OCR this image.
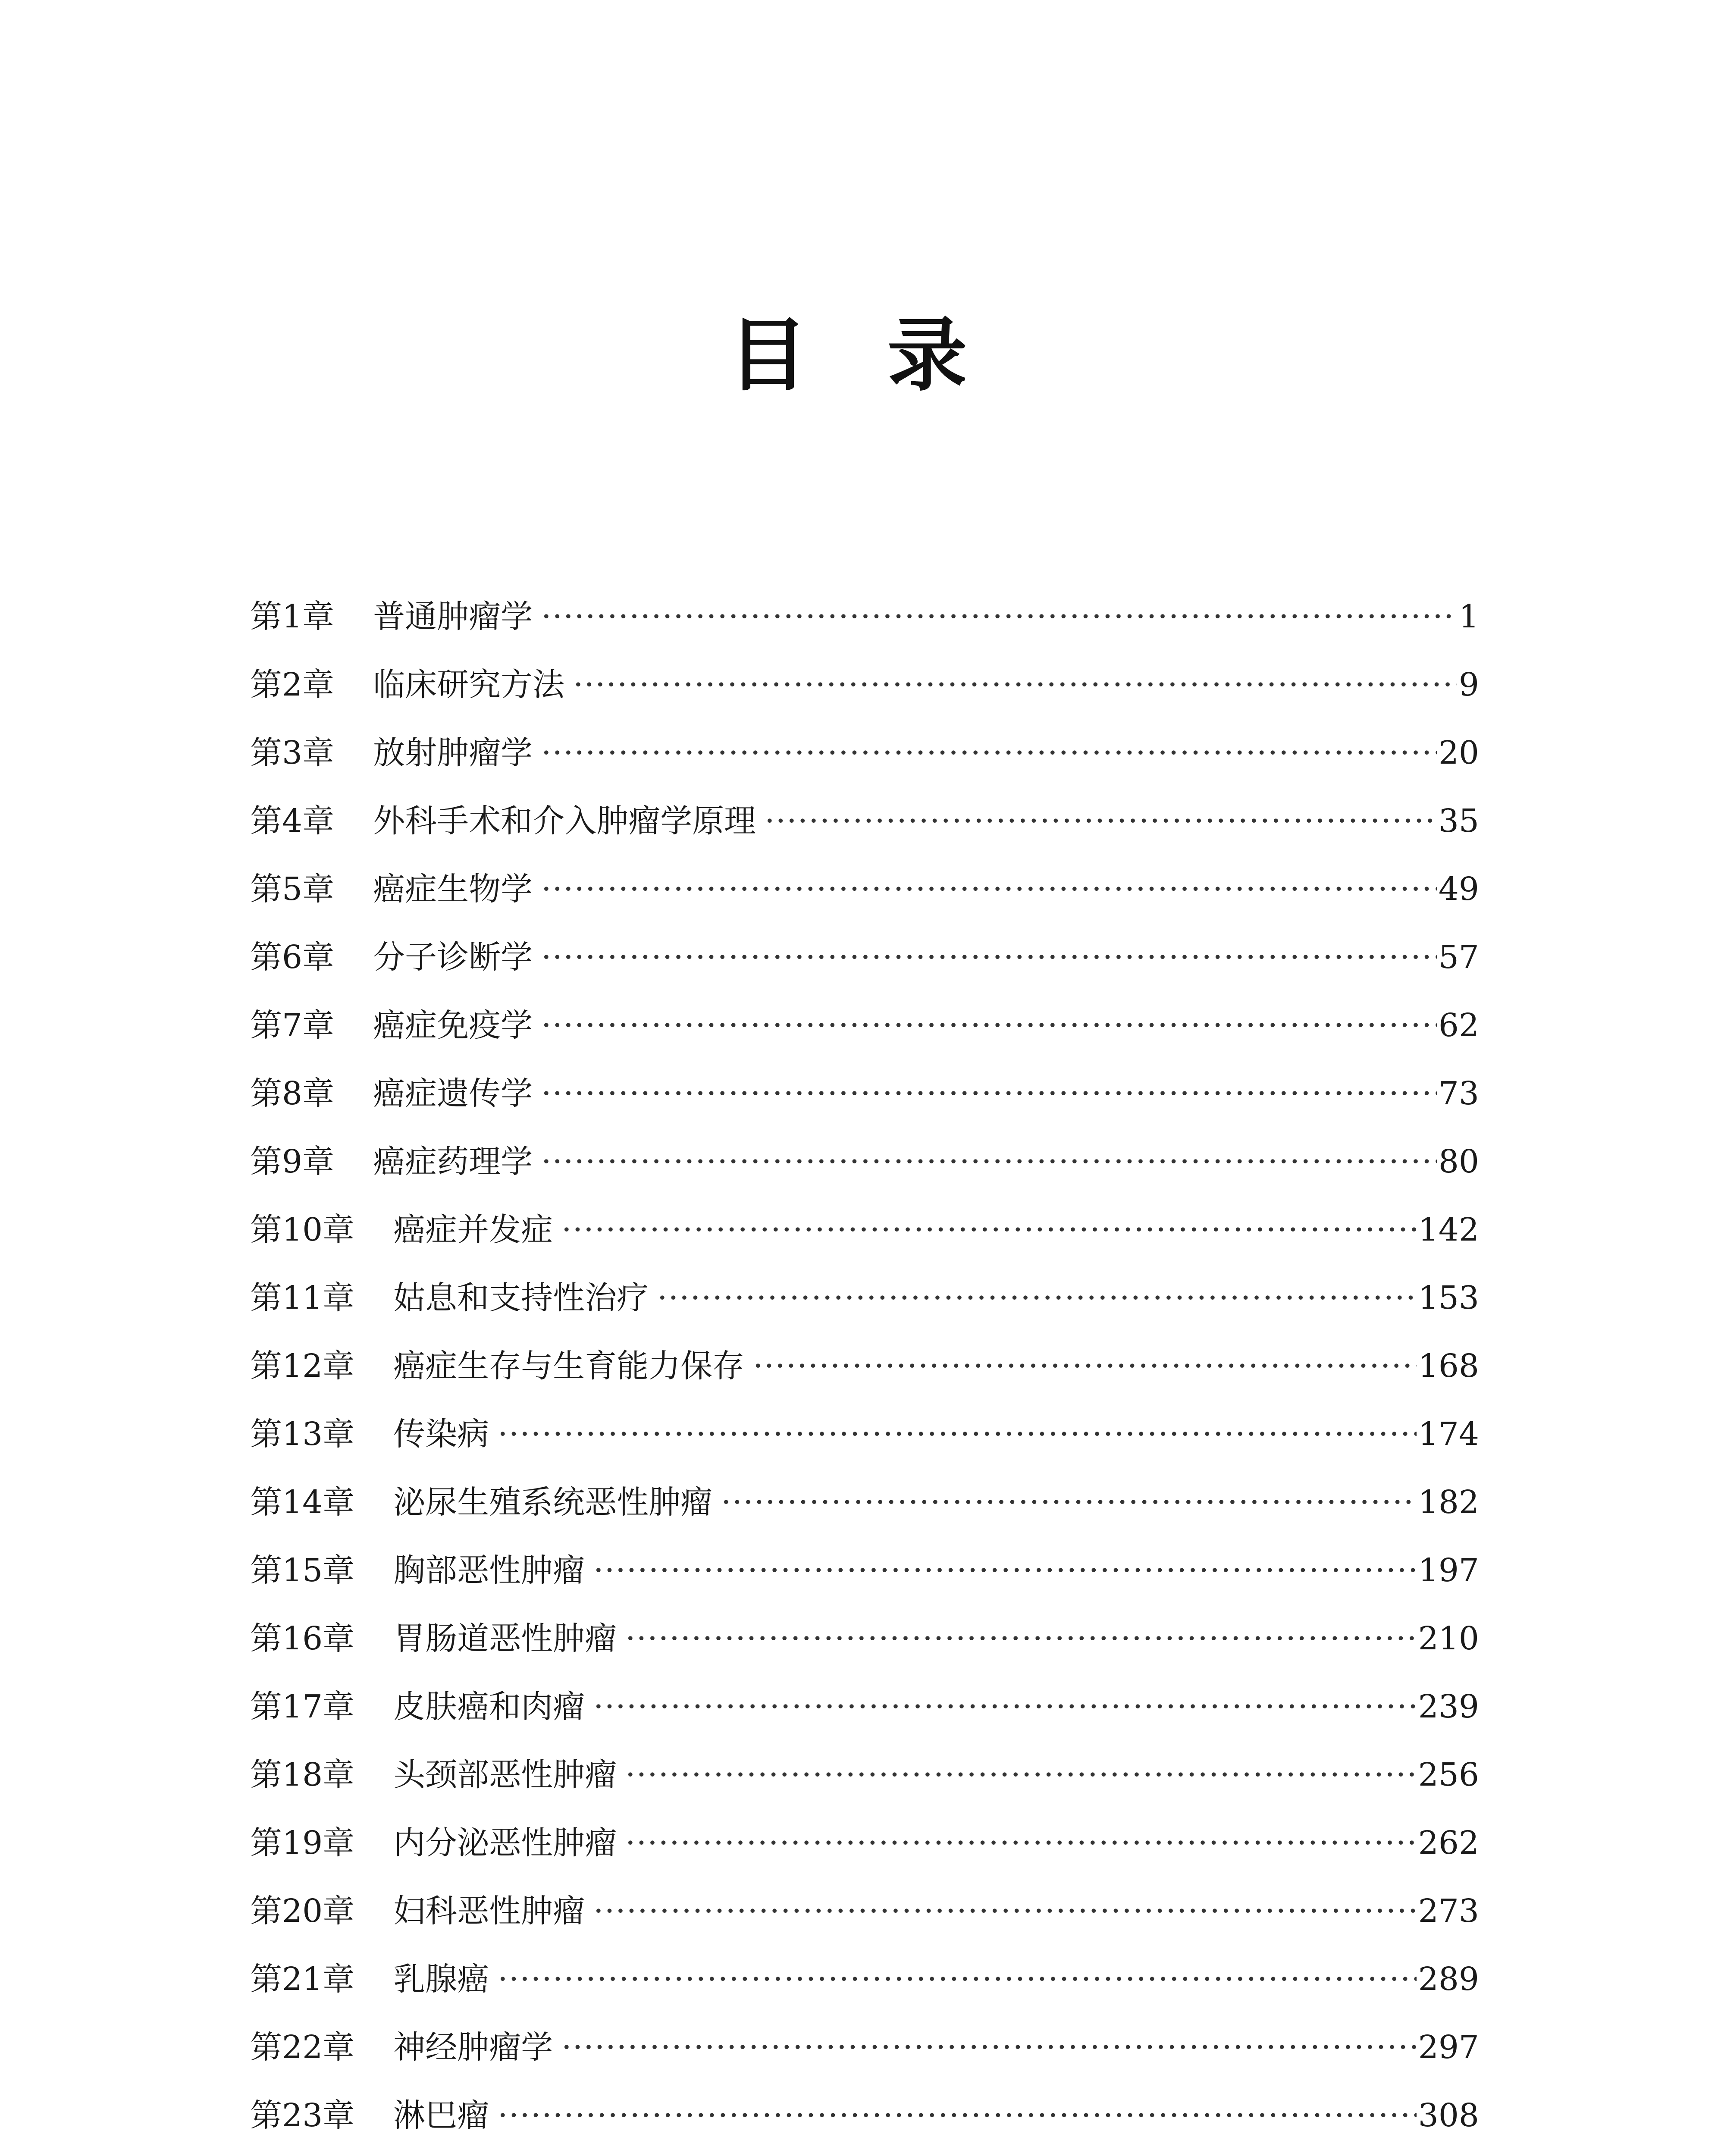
目 录
第1章	普通肿瘤学 ·····	1
第2章	临床研究方法 ·····	9
第3章	放射肿瘤学 ·····	20
第4章	外科手术和介入肿瘤学原理 ·····	35
第5章	癌症生物学 ·····	49
第6章	分子诊断学 ·····	57
第7章	癌症免疫学 ·····	62
第8章	癌症遗传学 ·····	73
第9章	癌症药理学 ·····	80
第10章	癌症并发症 ·····	142
第11章	姑息和支持性治疗 ·····	153
第12章	癌症生存与生育能力保存 ·····	168
第13章	传染病 ·····	174
第14章	泌尿生殖系统恶性肿瘤 ·····	182
第15章	胸部恶性肿瘤 ·····	197
第16章	胃肠道恶性肿瘤 ·····	210
第17章	皮肤癌和肉瘤 ·····	239
第18章	头颈部恶性肿瘤 ·····	256
第19章	内分泌恶性肿瘤 ·····	262
第20章	妇科恶性肿瘤 ·····	273
第21章	乳腺癌 ·····	289
第22章	神经肿瘤学 ·····	297
第23章	淋巴瘤 ·····	308
